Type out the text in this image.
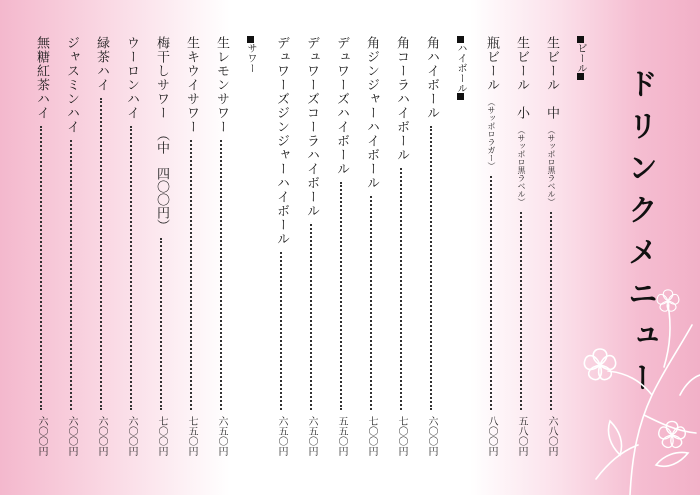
ドリンクメニュー
ビール
ハイボール
サワー	生ビール　中
（サッポロ黒ラベル）
六八〇円
生ビール　小
（サッポロ黒ラベル）
五八〇円
瓶ビール
（サッポロラガー）
八〇〇円
角ハイボール
六〇〇円
角コーラハイボール
七〇〇円
角ジンジャーハイボール
七〇〇円
デュワーズハイボール
五五〇円
デュワーズコーラハイボール
六五〇円
デュワーズジンジャーハイボール
六五〇円
生レモンサワー
六五〇円
生キウイサワー
七五〇円
梅干しサワー
（中　四〇〇円）
七〇〇円
ウーロンハイ
六〇〇円
緑茶ハイ
六〇〇円
ジャスミンハイ
六〇〇円
無糖紅茶ハイ
六〇〇円
